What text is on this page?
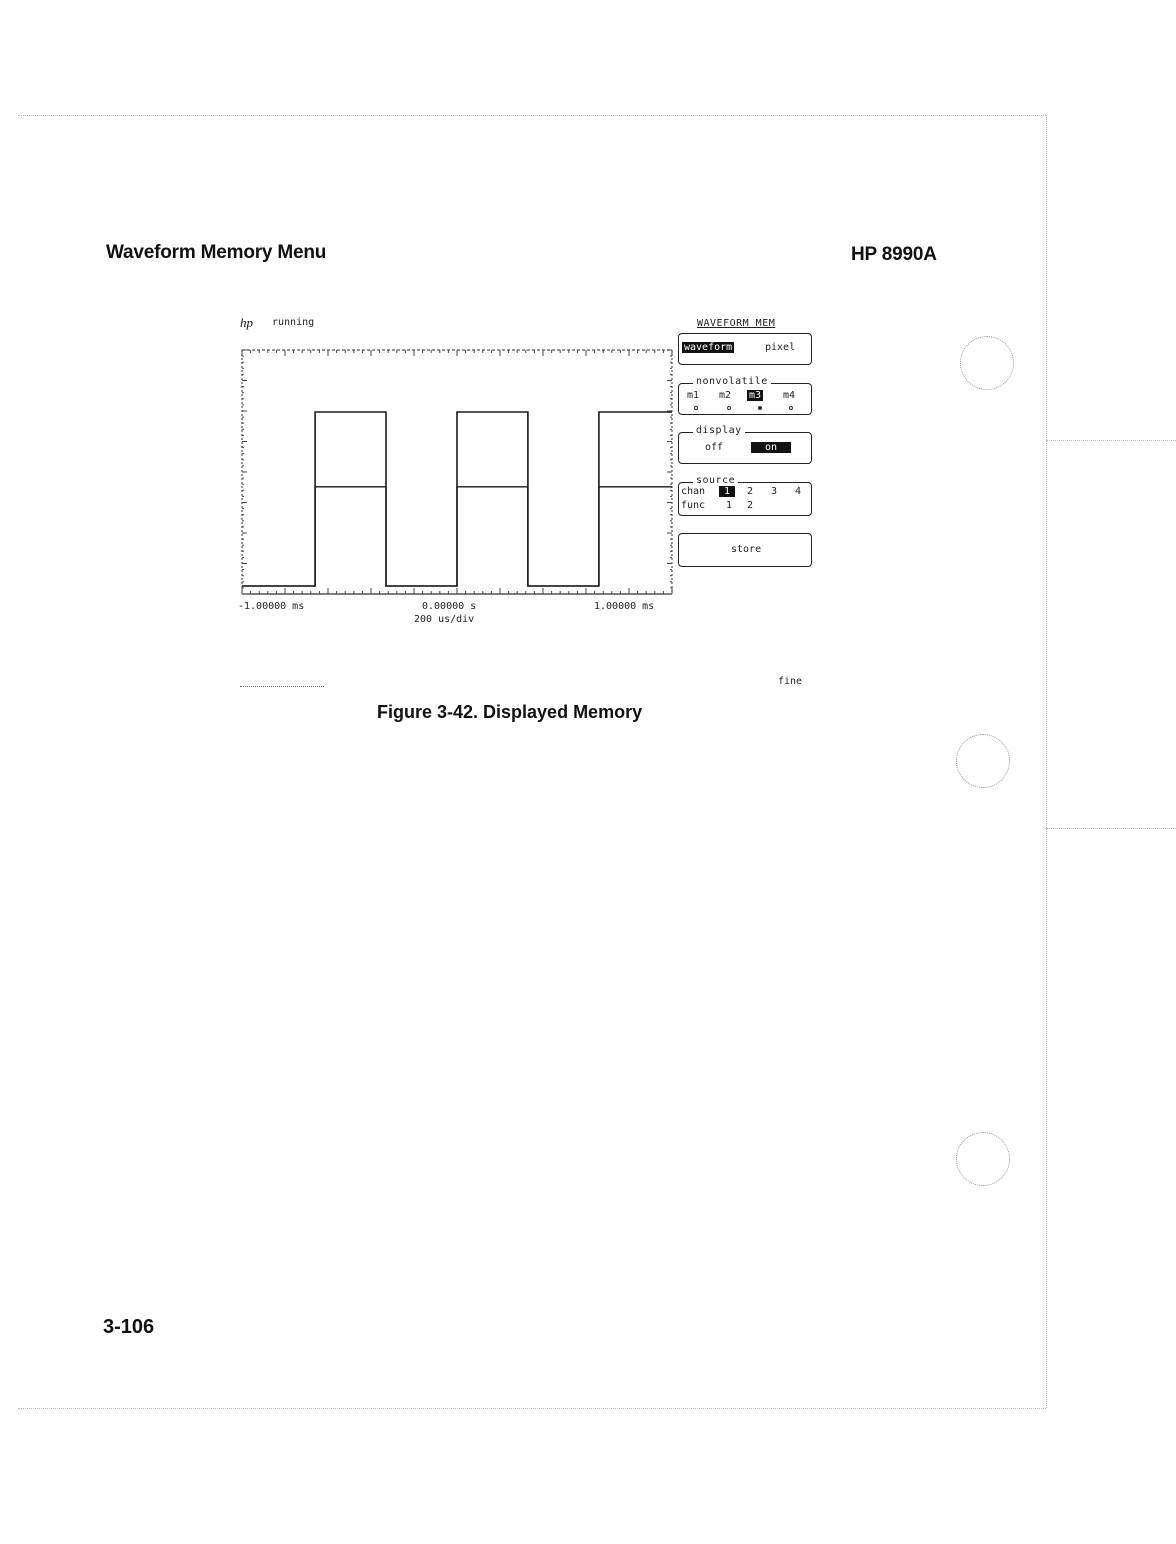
Waveform Memory Menu	HP 8990A
hp running
-1.00000 ms	0.00000 s	1.00000 ms
200 us/div
fine
WAVEFORM MEM
waveform	pixel
nonvolatile
m1 m2 m3 m4
display
off	on
source
chan	1	2 3 4
func 1 2
store
Figure 3-42. Displayed Memory
3-106
